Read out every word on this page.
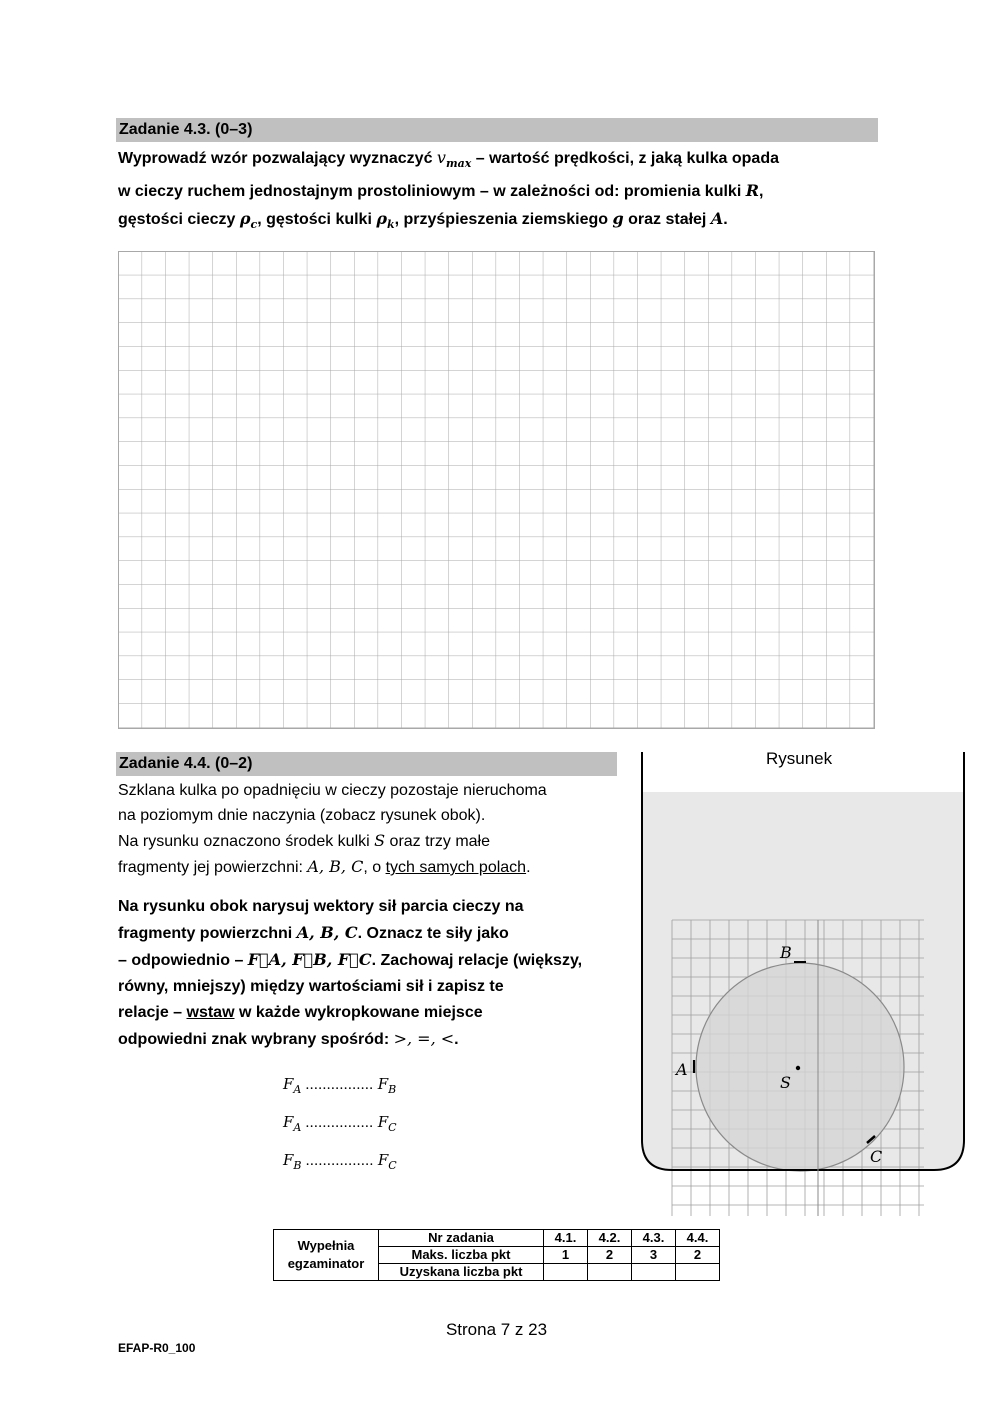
Zadanie 4.3. (0–3)
Wyprowadź wzór pozwalający wyznaczyć $v_{max}$ – wartość prędkości, z jaką kulka opada
w cieczy ruchem jednostajnym prostoliniowym – w zależności od: promienia kulki R,
gęstości cieczy $\rho_c$, gęstości kulki $\rho_k$, przyśpieszenia ziemskiego g oraz stałej A.
Zadanie 4.4. (0–2)
Szklana kulka po opadnięciu w cieczy pozostaje nieruchoma
na poziomym dnie naczynia (zobacz rysunek obok).
Na rysunku oznaczono środek kulki S oraz trzy małe
fragmenty jej powierzchni: A, B, C, o tych samych polach.
Na rysunku obok narysuj wektory sił parcia cieczy na
fragmenty powierzchni A, B, C. Oznacz te siły jako
– odpowiednio – F⃗A, F⃗B, F⃗C. Zachowaj relacje (większy,
równy, mniejszy) między wartościami sił i zapisz te
relacje – wstaw w każde wykropkowane miejsce
odpowiedni znak wybrany spośród: >, =, <.
$F_A$ ................ $F_B$
$F_A$ ................ $F_C$
$F_B$ ................ $F_C$
Rysunek
B
A
S
C
Wypełnia
egzaminator	Nr zadania	4.1.	4.2.	4.3.	4.4.
	Maks. liczba pkt	1	2	3	2
	Uzyskana liczba pkt				
Strona 7 z 23
EFAP-R0_100
